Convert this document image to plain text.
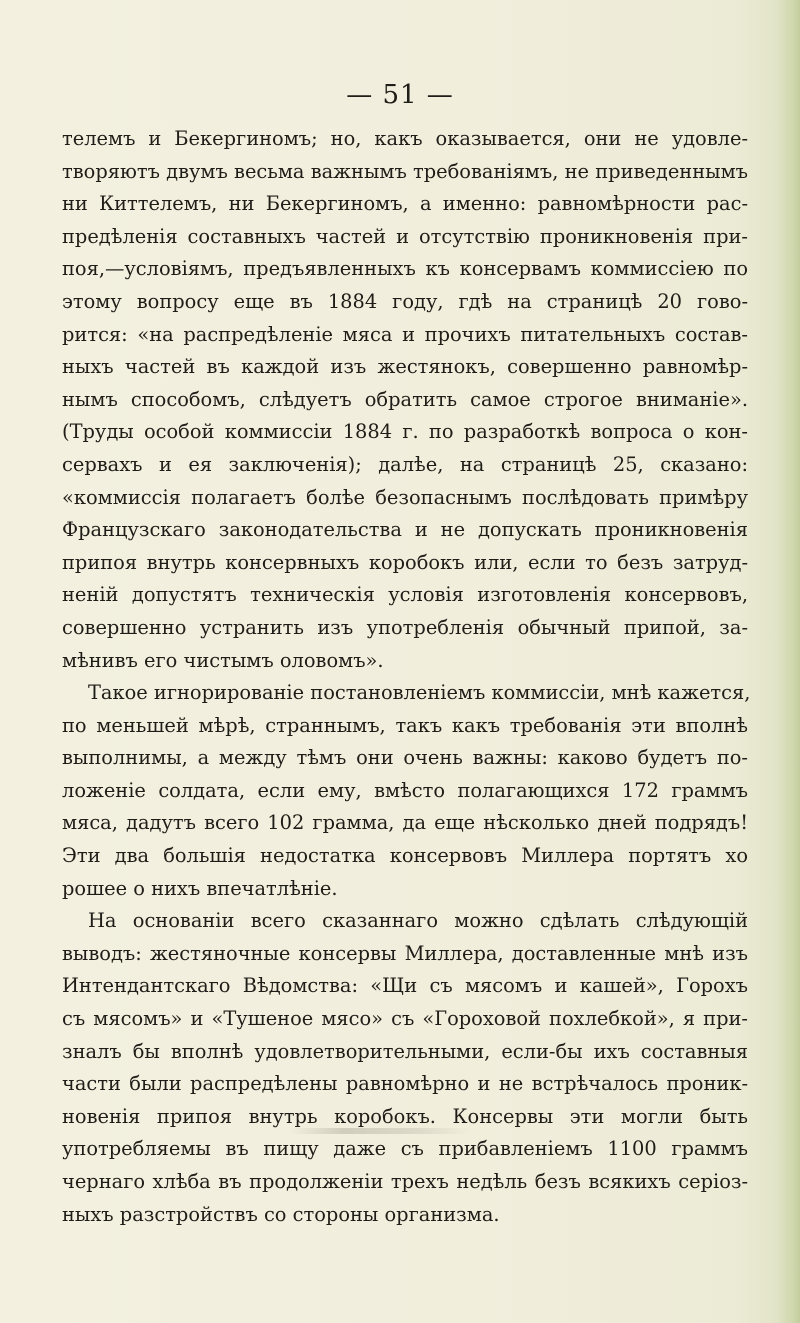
— 51 —
телемъ и Бекергиномъ; но, какъ оказывается, они не удовле-
творяютъ двумъ весьма важнымъ требованіямъ, не приведеннымъ
ни Киттелемъ, ни Бекергиномъ, а именно: равномѣрности рас-
предѣленія составныхъ частей и отсутствію проникновенія при-
поя,—условіямъ, предъявленныхъ къ консервамъ коммиссіею по
этому вопросу еще въ 1884 году, гдѣ на страницѣ 20 гово-
рится: «на распредѣленіе мяса и прочихъ питательныхъ состав-
ныхъ частей въ каждой изъ жестянокъ, совершенно равномѣр-
нымъ способомъ, слѣдуетъ обратить самое строгое вниманіе».
(Труды особой коммиссіи 1884 г. по разработкѣ вопроса о кон-
сервахъ и ея заключенія); далѣе, на страницѣ 25, сказано:
«коммиссія полагаетъ болѣе безопаснымъ послѣдовать примѣру
Французскаго законодательства и не допускать проникновенія
припоя внутрь консервныхъ коробокъ или, если то безъ затруд-
неній допустятъ техническія условія изготовленія консервовъ,
совершенно устранить изъ употребленія обычный припой, за-
мѣнивъ его чистымъ оловомъ».
Такое игнорированіе постановленіемъ коммиссіи, мнѣ кажется,
по меньшей мѣрѣ, страннымъ, такъ какъ требованія эти вполнѣ
выполнимы, а между тѣмъ они очень важны: каково будетъ по-
ложеніе солдата, если ему, вмѣсто полагающихся 172 граммъ
мяса, дадутъ всего 102 грамма, да еще нѣсколько дней подрядъ!
Эти два большія недостатка консервовъ Миллера портятъ хо
рошее о нихъ впечатлѣніе.
На основаніи всего сказаннаго можно сдѣлать слѣдующій
выводъ: жестяночные консервы Миллера, доставленные мнѣ изъ
Интендантскаго Вѣдомства: «Щи съ мясомъ и кашей», Горохъ
съ мясомъ» и «Тушеное мясо» съ «Гороховой похлебкой», я при-
зналъ бы вполнѣ удовлетворительными, если-бы ихъ составныя
части были распредѣлены равномѣрно и не встрѣчалось проник-
новенія припоя внутрь коробокъ. Консервы эти могли быть
употребляемы въ пищу даже съ прибавленіемъ 1100 граммъ
чернаго хлѣба въ продолженіи трехъ недѣль безъ всякихъ серіоз-
ныхъ разстройствъ со стороны организма.
